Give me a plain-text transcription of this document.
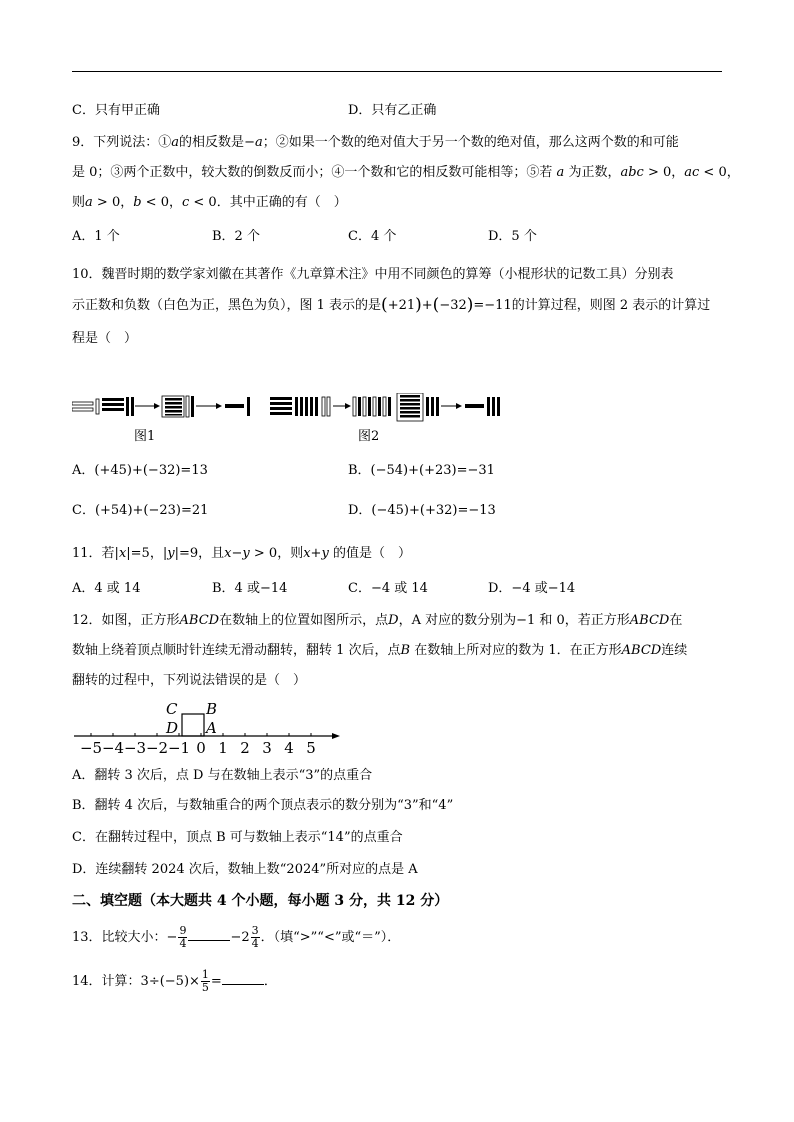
C．只有甲正确	D．只有乙正确
9．下列说法：①a的相反数是−a；②如果一个数的绝对值大于另一个数的绝对值，那么这两个数的和可能
是 0；③两个正数中，较大数的倒数反而小；④一个数和它的相反数可能相等；⑤若 a 为正数，abc > 0，ac < 0，
则a > 0，b < 0，c < 0．其中正确的有（　）
A．1 个	B．2 个	C．4 个	D．5 个
10．魏晋时期的数学家刘徽在其著作《九章算术注》中用不同颜色的算筹（小棍形状的记数工具）分别表
示正数和负数（白色为正，黑色为负），图 1 表示的是(+21)+(−32)=−11的计算过程，则图 2 表示的计算过
程是（　）
图1	图2
A．(+45)+(−32)=13	B．(−54)+(+23)=−31
C．(+54)+(−23)=21	D．(−45)+(+32)=−13
11．若|x|=5，|y|=9，且x−y > 0，则x+y 的值是（　）
A．4 或 14	B．4 或−14	C．−4 或 14	D．−4 或−14
12．如图，正方形ABCD在数轴上的位置如图所示，点D，A 对应的数分别为−1 和 0，若正方形ABCD在
数轴上绕着顶点顺时针连续无滑动翻转，翻转 1 次后，点B 在数轴上所对应的数为 1．在正方形ABCD连续
翻转的过程中，下列说法错误的是（　）
−5 −4 −3 −2 −1 0 1 2 3 4 5
C B
D A
A．翻转 3 次后，点 D 与在数轴上表示“3”的点重合
B．翻转 4 次后，与数轴重合的两个顶点表示的数分别为“3”和“4”
C．在翻转过程中，顶点 B 可与数轴上表示“14”的点重合
D．连续翻转 2024 次后，数轴上数“2024”所对应的点是 A
二、填空题（本大题共 4 个小题，每小题 3 分，共 12 分）
13．比较大小：− $\frac{9}{4}$	$-2 \frac{3}{4}$ ．（填“>”“<”或“＝”）．
14．计算：$3\div(-5)\times \frac{1}{5}$ =	．
